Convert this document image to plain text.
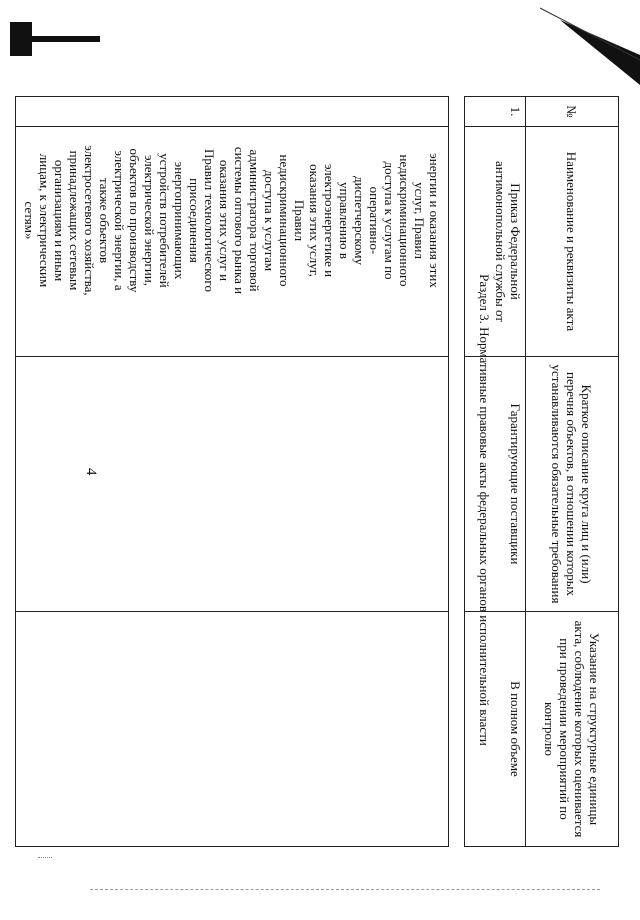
4
	энергии и оказания этих услуг, Правил недискриминационного доступа к услугам по оперативно-диспетчерскому управлению в электроэнергетике и оказания этих услуг, Правил недискриминационного доступа к услугам администратора торговой системы оптового рынка и оказания этих услуг и Правил технологического присоединения энергопринимающих устройств потребителей электрической энергии, объектов по производству электрической энергии, а также объектов электросетевого хозяйства, принадлежащих сетевым организациям и иным лицам, к электрическим сетям»		
Раздел 3. Нормативные правовые акты федеральных органов исполнительной власти
№	Наименование и реквизиты акта	Краткое описание круга лиц и (или) перечня объектов, в отношении которых устанавливаются обязательные требования	Указание на структурные единицы акта, соблюдение которых оценивается при проведении мероприятий по контролю
1.	Приказ Федеральной антимонопольной службы от	Гарантирующие поставщики	В полном объеме
